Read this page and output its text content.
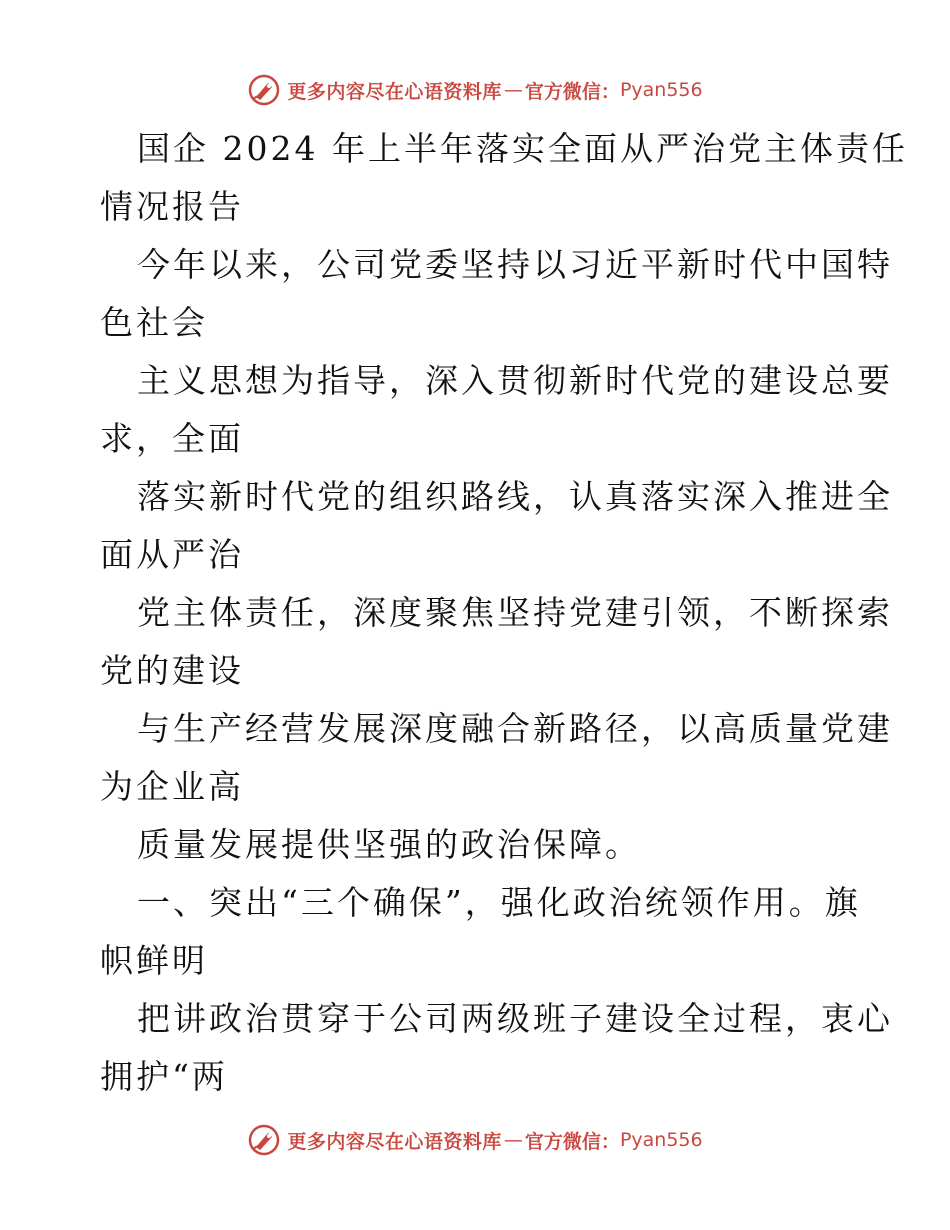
更多内容尽在心语资料库 — 官方微信： Pyan556
国企 2024 年上半年落实全面从严治党主体责任
情况报告
今年以来，公司党委坚持以习近平新时代中国特
色社会
主义思想为指导，深入贯彻新时代党的建设总要
求，全面
落实新时代党的组织路线，认真落实深入推进全
面从严治
党主体责任，深度聚焦坚持党建引领，不断探索
党的建设
与生产经营发展深度融合新路径，以高质量党建
为企业高
质量发展提供坚强的政治保障。
一、突出“三个确保”，强化政治统领作用。旗
帜鲜明
把讲政治贯穿于公司两级班子建设全过程，衷心
拥护“两
更多内容尽在心语资料库 — 官方微信： Pyan556
